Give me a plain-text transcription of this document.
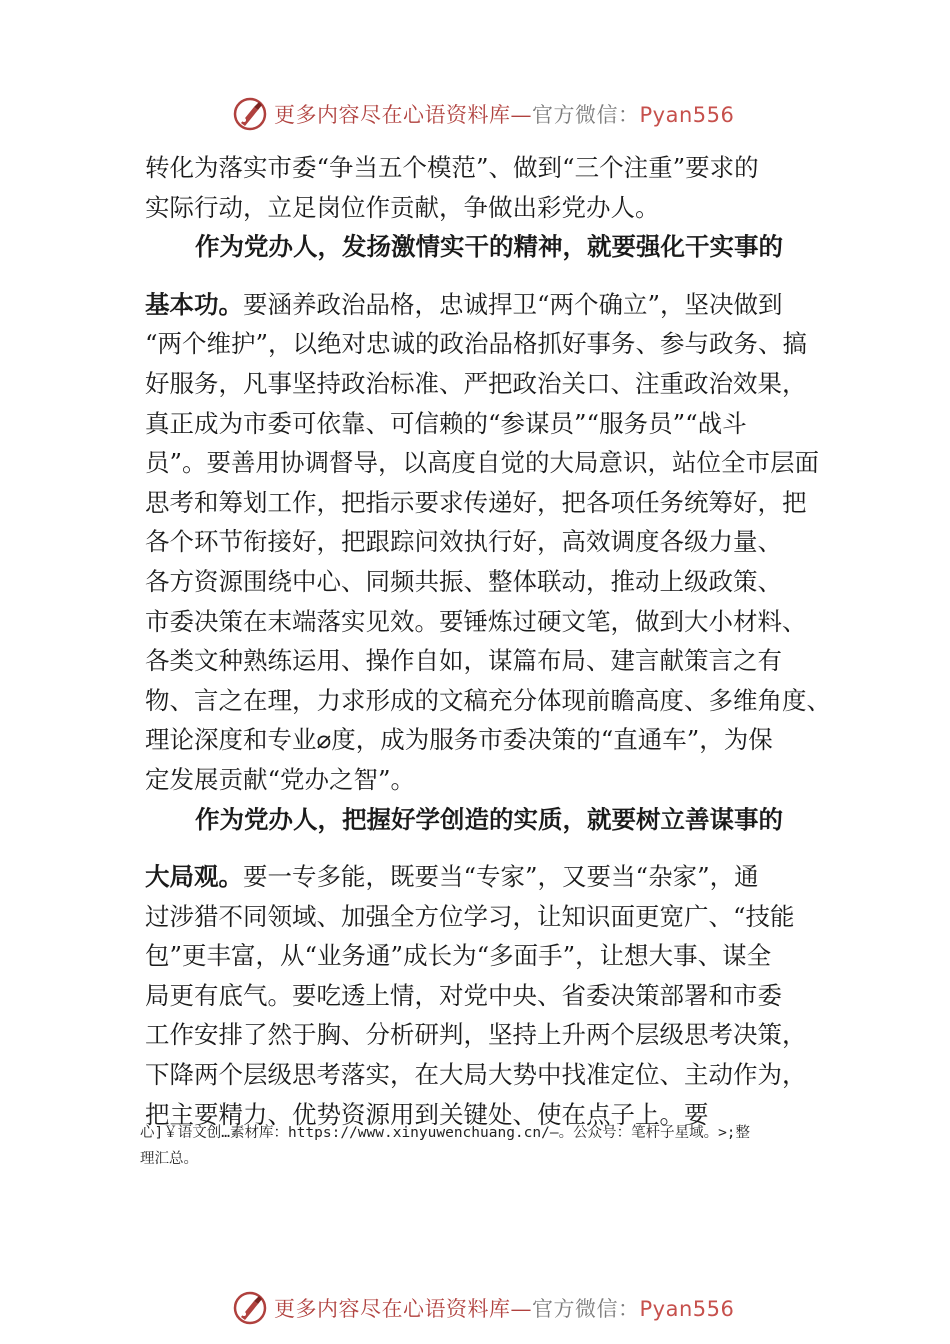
更多内容尽在心语资料库—官方微信：Pyan556
转化为落实市委“争当五个模范”、做到“三个注重”要求的
实际行动，立足岗位作贡献，争做出彩党办人。
作为党办人，发扬激情实干的精神，就要强化干实事的
基本功。要涵养政治品格，忠诚捍卫“两个确立”，坚决做到
“两个维护”，以绝对忠诚的政治品格抓好事务、参与政务、搞
好服务，凡事坚持政治标准、严把政治关口、注重政治效果，
真正成为市委可依靠、可信赖的“参谋员”“服务员”“战斗
员”。要善用协调督导，以高度自觉的大局意识，站位全市层面
思考和筹划工作，把指示要求传递好，把各项任务统筹好，把
各个环节衔接好，把跟踪问效执行好，高效调度各级力量、
各方资源围绕中心、同频共振、整体联动，推动上级政策、
市委决策在末端落实见效。要锤炼过硬文笔，做到大小材料、
各类文种熟练运用、操作自如，谋篇布局、建言献策言之有
物、言之在理，力求形成的文稿充分体现前瞻高度、多维角度、
理论深度和专业⌀度，成为服务市委决策的“直通车”，为保
定发展贡献“党办之智”。
作为党办人，把握好学创造的实质，就要树立善谋事的
大局观。要一专多能，既要当“专家”，又要当“杂家”，通
过涉猎不同领域、加强全方位学习，让知识面更宽广、“技能
包”更丰富，从“业务通”成长为“多面手”，让想大事、谋全
局更有底气。要吃透上情，对党中央、省委决策部署和市委
工作安排了然于胸、分析研判，坚持上升两个层级思考决策，
下降两个层级思考落实，在大局大势中找准定位、主动作为，
把主要精力、优势资源用到关键处、使在点子上。要
心]￥语文创…素材库：https://www.xinyuwenchuang.cn/—。公众号：笔杆子星域。>;整
理汇总。
更多内容尽在心语资料库—官方微信：Pyan556
